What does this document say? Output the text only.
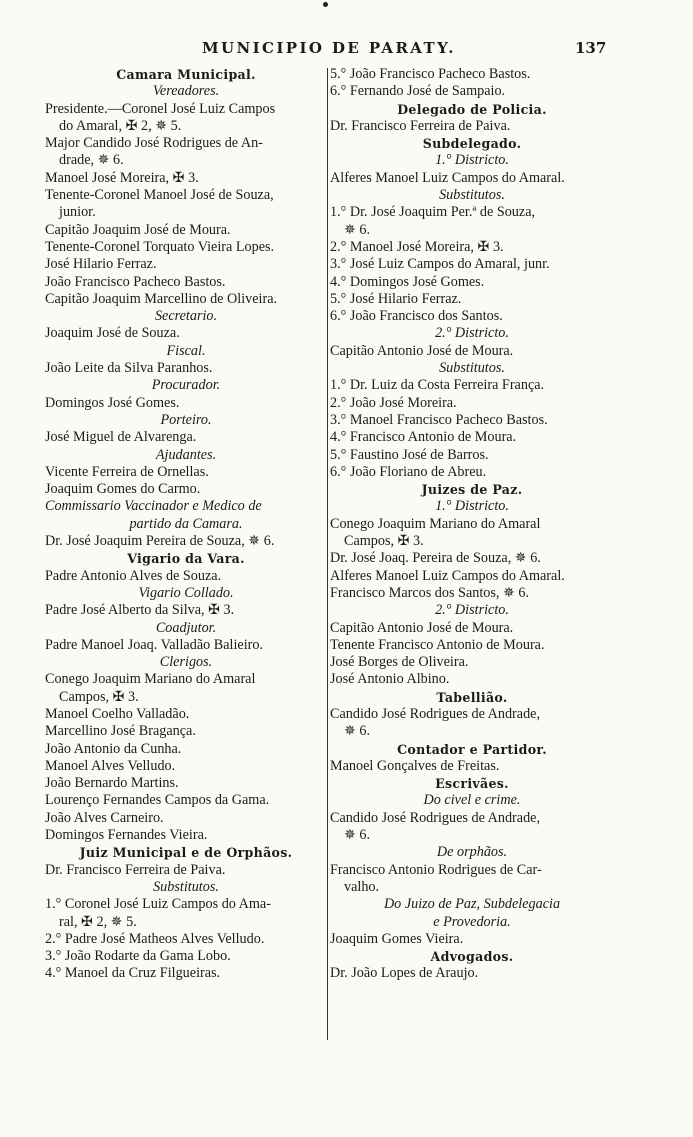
MUNICIPIO DE PARATY.	137
Camara Municipal.
Vereadores.
Presidente.—Coronel José Luiz Campos
do Amaral, ✠ 2, ✵ 5.
Major Candido José Rodrigues de An-
drade, ✵ 6.
Manoel José Moreira, ✠ 3.
Tenente-Coronel Manoel José de Souza,
junior.
Capitão Joaquim José de Moura.
Tenente-Coronel Torquato Vieira Lopes.
José Hilario Ferraz.
João Francisco Pacheco Bastos.
Capitão Joaquim Marcellino de Oliveira.
Secretario.
Joaquim José de Souza.
Fiscal.
João Leite da Silva Paranhos.
Procurador.
Domingos José Gomes.
Porteiro.
José Miguel de Alvarenga.
Ajudantes.
Vicente Ferreira de Ornellas.
Joaquim Gomes do Carmo.
Commissario Vaccinador e Medico de
partido da Camara.
Dr. José Joaquim Pereira de Souza, ✵ 6.
Vigario da Vara.
Padre Antonio Alves de Souza.
Vigario Collado.
Padre José Alberto da Silva, ✠ 3.
Coadjutor.
Padre Manoel Joaq. Valladão Balieiro.
Clerigos.
Conego Joaquim Mariano do Amaral
Campos, ✠ 3.
Manoel Coelho Valladão.
Marcellino José Bragança.
João Antonio da Cunha.
Manoel Alves Velludo.
João Bernardo Martins.
Lourenço Fernandes Campos da Gama.
João Alves Carneiro.
Domingos Fernandes Vieira.
Juiz Municipal e de Orphãos.
Dr. Francisco Ferreira de Paiva.
Substitutos.
1.° Coronel José Luiz Campos do Ama-
ral, ✠ 2, ✵ 5.
2.° Padre José Matheos Alves Velludo.
3.° João Rodarte da Gama Lobo.
4.° Manoel da Cruz Filgueiras.
5.° João Francisco Pacheco Bastos.
6.° Fernando José de Sampaio.
Delegado de Policia.
Dr. Francisco Ferreira de Paiva.
Subdelegado.
1.° Districto.
Alferes Manoel Luiz Campos do Amaral.
Substitutos.
1.° Dr. José Joaquim Per.ª de Souza,
✵ 6.
2.° Manoel José Moreira, ✠ 3.
3.° José Luiz Campos do Amaral, junr.
4.° Domingos José Gomes.
5.° José Hilario Ferraz.
6.° João Francisco dos Santos.
2.° Districto.
Capitão Antonio José de Moura.
Substitutos.
1.° Dr. Luiz da Costa Ferreira França.
2.° João José Moreira.
3.° Manoel Francisco Pacheco Bastos.
4.° Francisco Antonio de Moura.
5.° Faustino José de Barros.
6.° João Floriano de Abreu.
Juizes de Paz.
1.° Districto.
Conego Joaquim Mariano do Amaral
Campos, ✠ 3.
Dr. José Joaq. Pereira de Souza, ✵ 6.
Alferes Manoel Luiz Campos do Amaral.
Francisco Marcos dos Santos, ✵ 6.
2.° Districto.
Capitão Antonio José de Moura.
Tenente Francisco Antonio de Moura.
José Borges de Oliveira.
José Antonio Albino.
Tabellião.
Candido José Rodrigues de Andrade,
✵ 6.
Contador e Partidor.
Manoel Gonçalves de Freitas.
Escrivães.
Do civel e crime.
Candido José Rodrigues de Andrade,
✵ 6.
De orphãos.
Francisco Antonio Rodrigues de Car-
valho.
Do Juizo de Paz, Subdelegacia
e Provedoria.
Joaquim Gomes Vieira.
Advogados.
Dr. João Lopes de Araujo.
